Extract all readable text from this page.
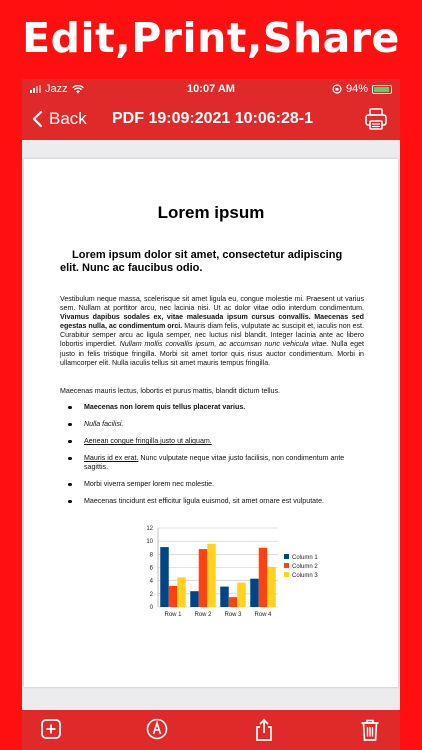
Edit,Print,Share
Jazz	10:07 AM	94%
Back PDF 19:09:2021 10:06:28-1
Lorem ipsum
Lorem ipsum dolor sit amet, consectetur adipiscing elit. Nunc ac faucibus odio.
Vestibulum neque massa, scelerisque sit amet ligula eu, congue molestie mi. Praesent ut varius sem. Nullam at porttitor arcu, nec lacinia nisi. Ut ac dolor vitae odio interdum condimentum. Vivamus dapibus sodales ex, vitae malesuada ipsum cursus convallis. Maecenas sed egestas nulla, ac condimentum orci. Mauris diam felis, vulputate ac suscipit et, iaculis non est. Curabitur semper arcu ac ligula semper, nec luctus nisl blandit. Integer lacinia ante ac libero lobortis imperdiet. Nullam mollis convallis ipsum, ac accumsan nunc vehicula vitae. Nulla eget justo in felis tristique fringilla. Morbi sit amet tortor quis risus auctor condimentum. Morbi in ullamcorper elit. Nulla iaculis tellus sit amet mauris tempus fringilla.
Maecenas mauris lectus, lobortis et purus mattis, blandit dictum tellus.
Maecenas non lorem quis tellus placerat varius.
Nulla facilisi.
Aenean congue fringilla justo ut aliquam.
Mauris id ex erat. Nunc vulputate neque vitae justo facilisis, non condimentum ante sagittis.
Morbi viverra semper lorem nec molestie.
Maecenas tincidunt est efficitur ligula euismod, sit amet ornare est vulputate.
0
2
4
6
8
10
12
Row 1 Row 2 Row 3 Row 4
Column 1
Column 2
Column 3
